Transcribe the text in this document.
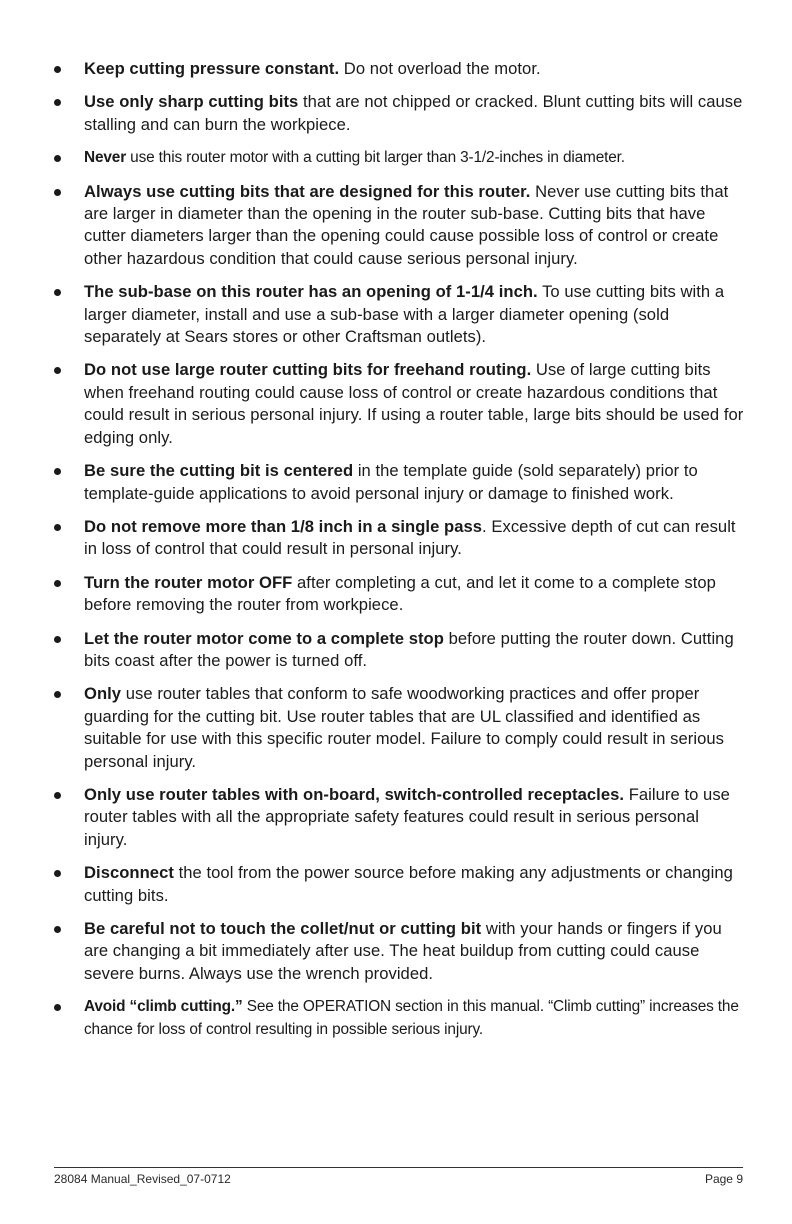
Keep cutting pressure constant. Do not overload the motor.
Use only sharp cutting bits that are not chipped or cracked. Blunt cutting bits will cause stalling and can burn the workpiece.
Never use this router motor with a cutting bit larger than 3-1/2-inches in diameter.
Always use cutting bits that are designed for this router. Never use cutting bits that are larger in diameter than the opening in the router sub-base. Cutting bits that have cutter diameters larger than the opening could cause possible loss of control or create other hazardous condition that could cause serious personal injury.
The sub-base on this router has an opening of 1-1/4 inch. To use cutting bits with a larger diameter, install and use a sub-base with a larger diameter opening (sold separately at Sears stores or other Craftsman outlets).
Do not use large router cutting bits for freehand routing. Use of large cutting bits when freehand routing could cause loss of control or create hazardous conditions that could result in serious personal injury. If using a router table, large bits should be used for edging only.
Be sure the cutting bit is centered in the template guide (sold separately) prior to template-guide applications to avoid personal injury or damage to finished work.
Do not remove more than 1/8 inch in a single pass. Excessive depth of cut can result in loss of control that could result in personal injury.
Turn the router motor OFF after completing a cut, and let it come to a complete stop before removing the router from workpiece.
Let the router motor come to a complete stop before putting the router down. Cutting bits coast after the power is turned off.
Only use router tables that conform to safe woodworking practices and offer proper guarding for the cutting bit. Use router tables that are UL classified and identified as suitable for use with this specific router model. Failure to comply could result in serious personal injury.
Only use router tables with on-board, switch-controlled receptacles. Failure to use router tables with all the appropriate safety features could result in serious personal injury.
Disconnect the tool from the power source before making any adjustments or changing cutting bits.
Be careful not to touch the collet/nut or cutting bit with your hands or fingers if you are changing a bit immediately after use. The heat buildup from cutting could cause severe burns. Always use the wrench provided.
Avoid “climb cutting.” See the OPERATION section in this manual. “Climb cutting” increases the chance for loss of control resulting in possible serious injury.
28084 Manual_Revised_07-0712	Page 9
